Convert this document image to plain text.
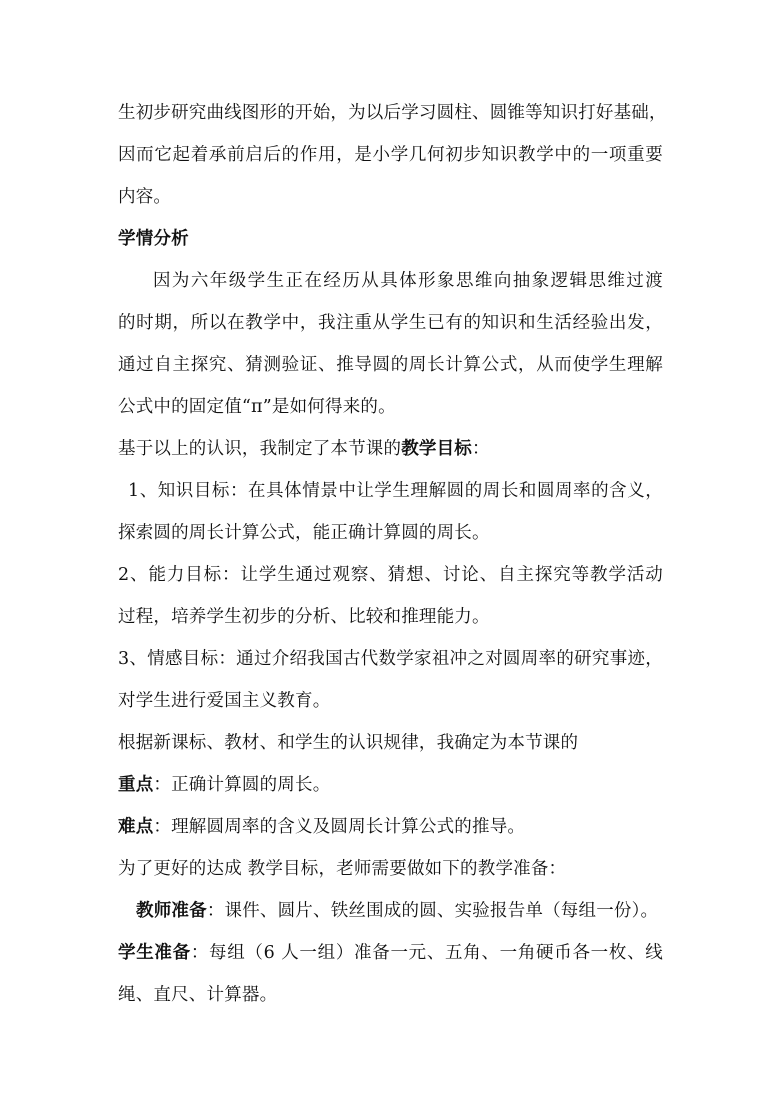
生初步研究曲线图形的开始，为以后学习圆柱、圆锥等知识打好基础，
因而它起着承前启后的作用，是小学几何初步知识教学中的一项重要
内容。
学情分析
因为六年级学生正在经历从具体形象思维向抽象逻辑思维过渡
的时期，所以在教学中，我注重从学生已有的知识和生活经验出发，
通过自主探究、猜测验证、推导圆的周长计算公式，从而使学生理解
公式中的固定值“π”是如何得来的。
基于以上的认识，我制定了本节课的教学目标：
1、知识目标：在具体情景中让学生理解圆的周长和圆周率的含义，
探索圆的周长计算公式，能正确计算圆的周长。
2、能力目标：让学生通过观察、猜想、讨论、自主探究等教学活动
过程，培养学生初步的分析、比较和推理能力。
3、情感目标：通过介绍我国古代数学家祖冲之对圆周率的研究事迹，
对学生进行爱国主义教育。
根据新课标、教材、和学生的认识规律，我确定为本节课的
重点：正确计算圆的周长。
难点：理解圆周率的含义及圆周长计算公式的推导。
为了更好的达成 教学目标，老师需要做如下的教学准备：
教师准备：课件、圆片、铁丝围成的圆、实验报告单（每组一份）。
学生准备：每组（6 人一组）准备一元、五角、一角硬币各一枚、线
绳、直尺、计算器。
